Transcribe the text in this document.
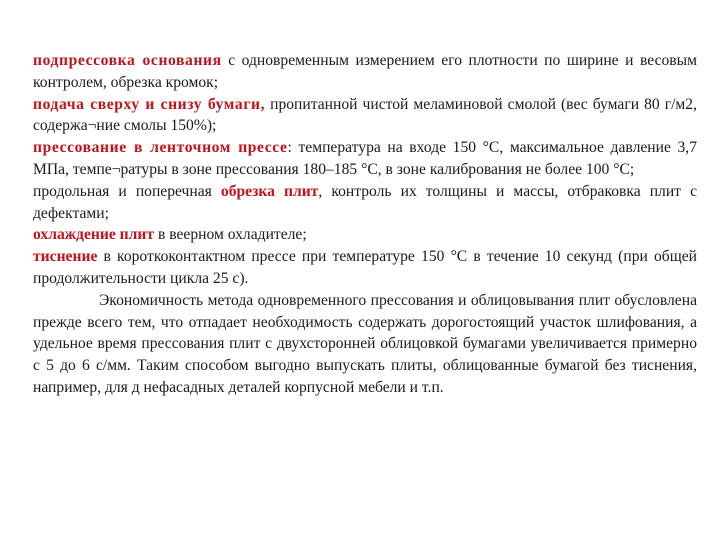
подпрессовка основания с одновременным измерением его плотности по ширине и весовым контролем, обрезка кромок;

подача сверху и снизу бумаги, пропитанной чистой меламиновой смолой (вес бумаги 80 г/м2, содержа¬ние смолы 150%);

прессование в ленточном прессе: температура на входе 150 °С, максимальное давление 3,7 МПа, темпе¬ратуры в зоне прессования 180–185 °С, в зоне калибрования не более 100 °С;

продольная и поперечная обрезка плит, контроль их толщины и массы, отбраковка плит с дефектами;

охлаждение плит в веерном охладителе;

тиснение в короткоконтактном прессе при температуре 150 °С в течение 10 секунд (при общей продолжительности цикла 25 с).

Экономичность метода одновременного прессования и облицовывания плит обусловлена прежде всего тем, что отпадает необходимость содержать дорогостоящий участок шлифования, а удельное время прессования плит с двухсторонней облицовкой бумагами увеличивается примерно с 5 до 6 с/мм. Таким способом выгодно выпускать плиты, облицованные бумагой без тиснения, например, для д нефасадных деталей корпусной мебели и т.п.
